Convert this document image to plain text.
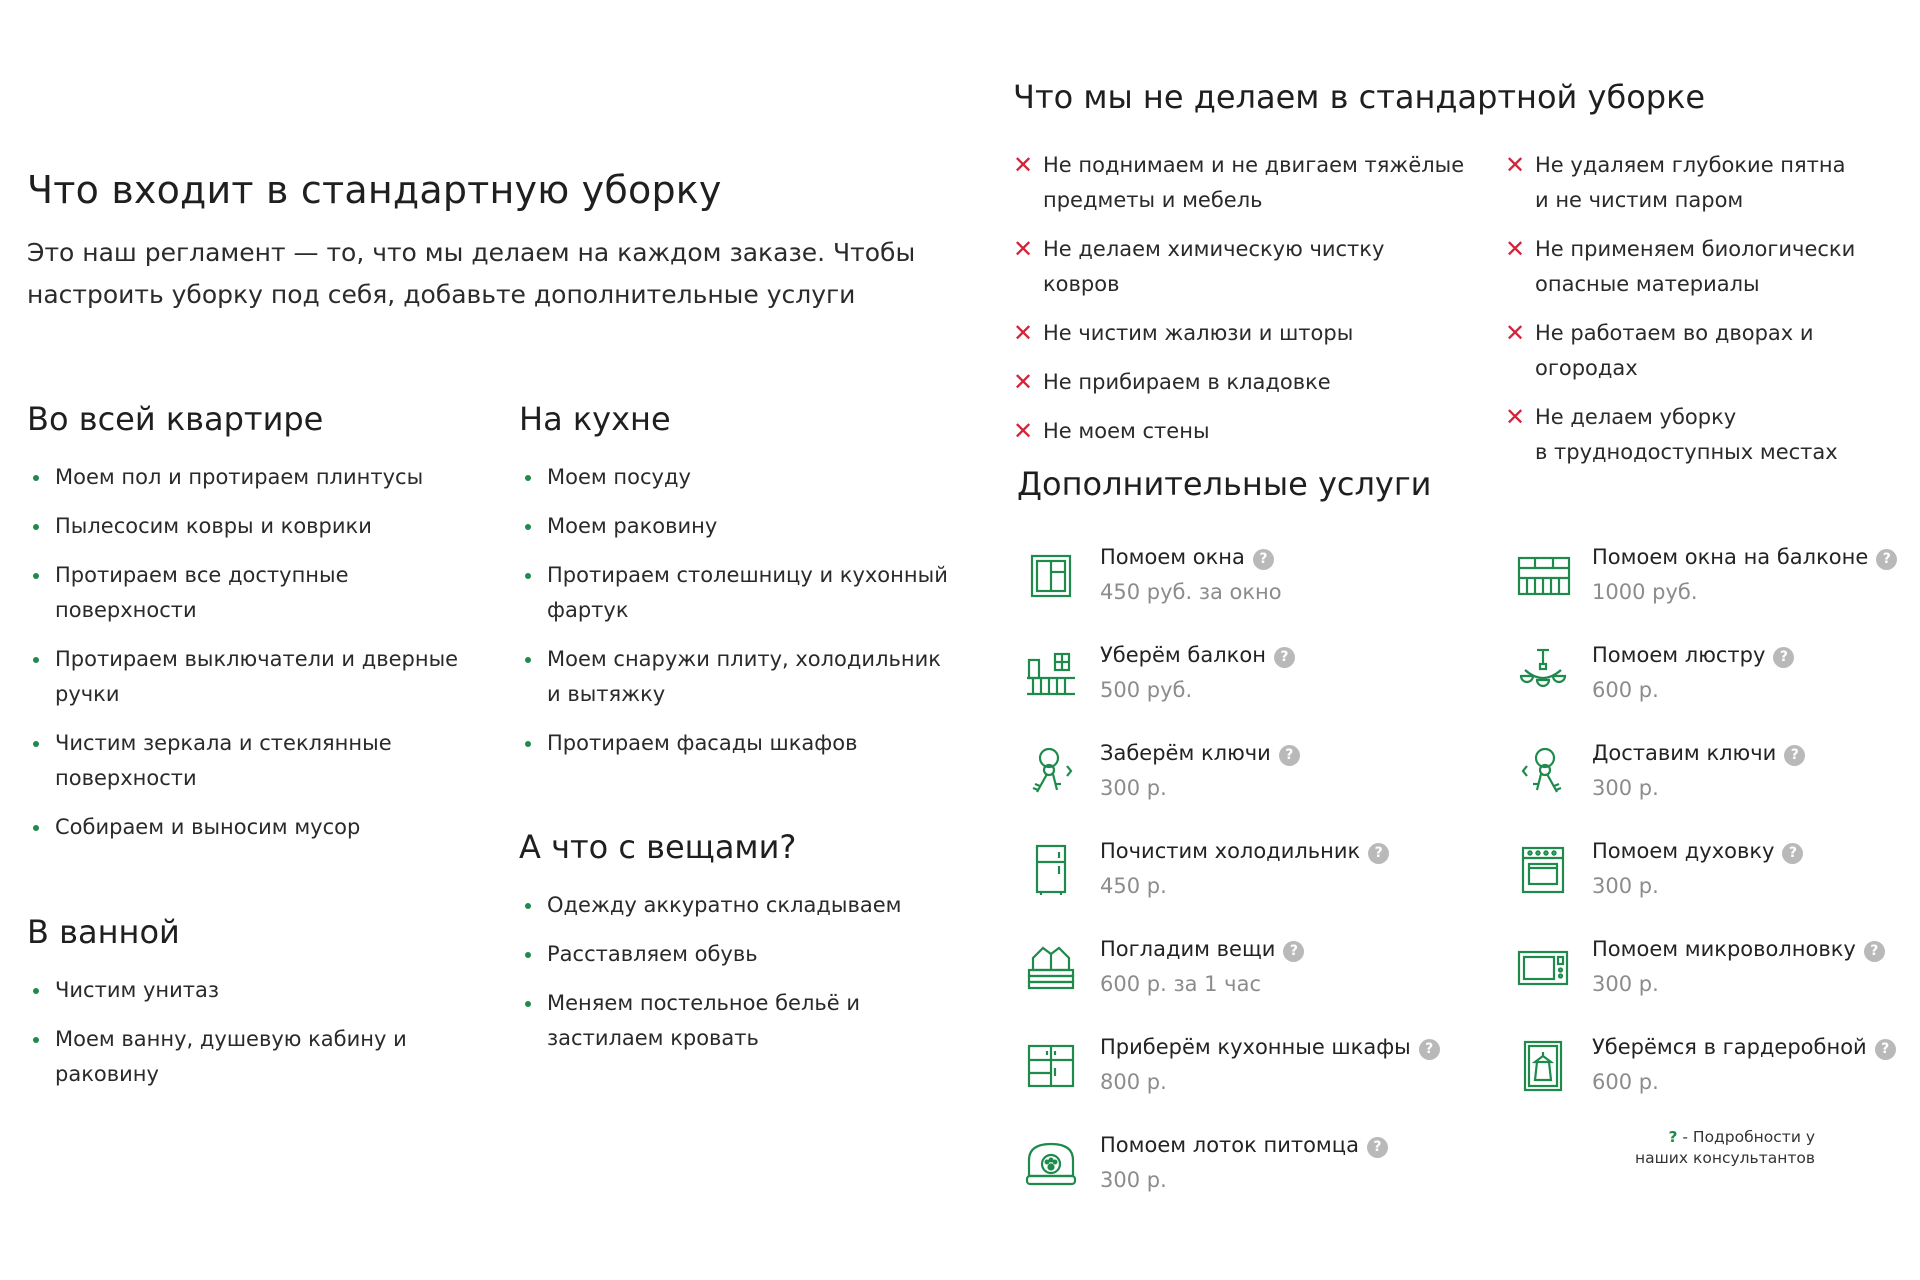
Что входит в стандартную уборку

Это наш регламент — то, что мы делаем на каждом заказе. Чтобы настроить уборку под себя, добавьте дополнительные услуги

Во всей квартире
Моем пол и протираем плинтусы
Пылесосим ковры и коврики
Протираем все доступные поверхности
Протираем выключатели и дверные ручки
Чистим зеркала и стеклянные поверхности
Собираем и выносим мусор
На кухне
Моем посуду
Моем раковину
Протираем столешницу и кухонный фартук
Моем снаружи плиту, холодильник и вытяжку
Протираем фасады шкафов
В ванной
Чистим унитаз
Моем ванну, душевую кабину и раковину
А что с вещами?
Одежду аккуратно складываем
Расставляем обувь
Меняем постельное бельё и застилаем кровать
Что мы не делаем в стандартной уборке
✕ Не поднимаем и не двигаем тяжёлые
предметы и мебель
✕ Не делаем химическую чистку
ковров
✕ Не чистим жалюзи и шторы
✕ Не прибираем в кладовке
✕ Не моем стены
✕ Не удаляем глубокие пятна
и не чистим паром
✕ Не применяем биологически
опасные материалы
✕ Не работаем во дворах и огородах
✕ Не делаем уборку
в труднодоступных местах
Дополнительные услуги
Помоем окна ?
450 руб. за окно
Помоем окна на балконе ?
1000 руб.
Уберём балкон ?
500 руб.
Помоем люстру ?
600 р.
Заберём ключи ?
300 р.
Доставим ключи ?
300 р.
Почистим холодильник ?
450 р.
Помоем духовку ?
300 р.
Погладим вещи ?
600 р. за 1 час
Помоем микроволновку ?
300 р.
Приберём кухонные шкафы ?
800 р.
Уберёмся в гардеробной ?
600 р.
Помоем лоток питомца ?
300 р.
? - Подробности у наших консультантов
